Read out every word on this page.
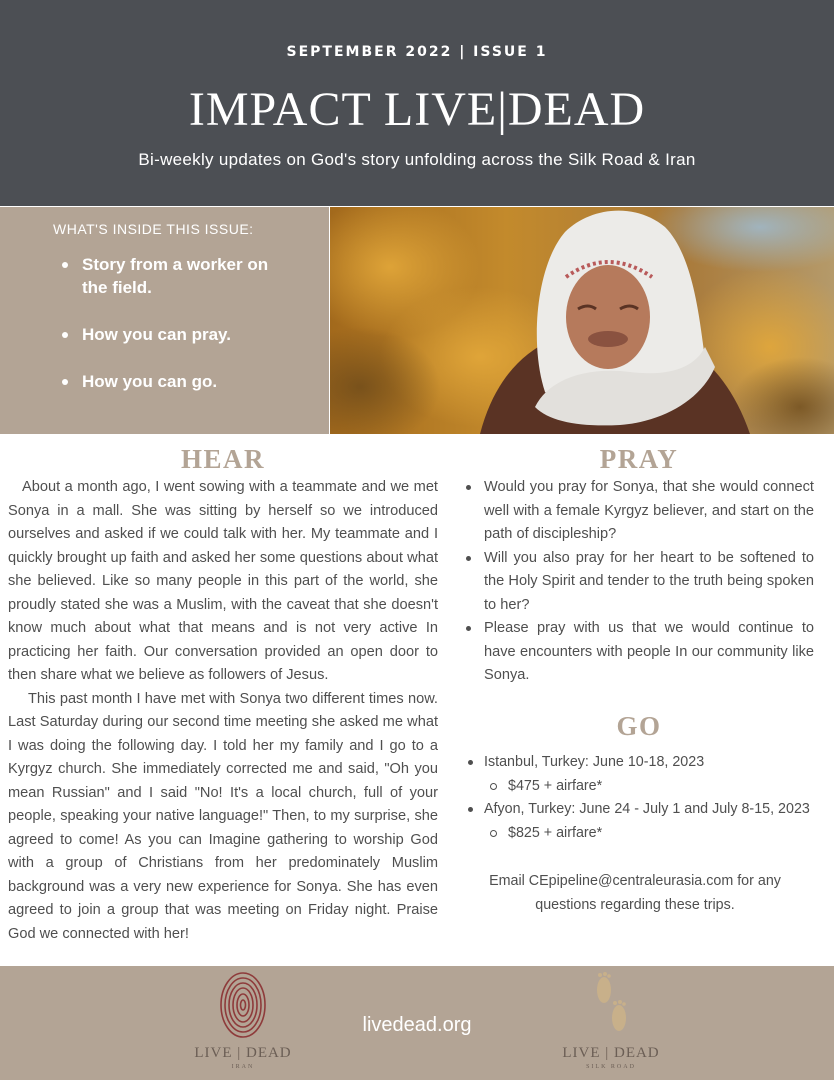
SEPTEMBER 2022 | ISSUE 1
IMPACT LIVE|DEAD
Bi-weekly updates on God's story unfolding across the Silk Road & Iran
WHAT'S INSIDE THIS ISSUE:
Story from a worker on the field.
How you can pray.
How you can go.
HEAR

About a month ago, I went sowing with a teammate and we met Sonya in a mall. She was sitting by herself so we introduced ourselves and asked if we could talk with her. My teammate and I quickly brought up faith and asked her some questions about what she believed. Like so many people in this part of the world, she proudly stated she was a Muslim, with the caveat that she doesn't know much about what that means and is not very active In practicing her faith. Our conversation provided an open door to then share what we believe as followers of Jesus.

This past month I have met with Sonya two different times now. Last Saturday during our second time meeting she asked me what I was doing the following day. I told her my family and I go to a Kyrgyz church. She immediately corrected me and said, "Oh you mean Russian" and I said "No! It's a local church, full of your people, speaking your native language!" Then, to my surprise, she agreed to come! As you can Imagine gathering to worship God with a group of Christians from her predominately Muslim background was a very new experience for Sonya. She has even agreed to join a group that was meeting on Friday night. Praise God we connected with her!

PRAY
Would you pray for Sonya, that she would connect well with a female Kyrgyz believer, and start on the path of discipleship?
Will you also pray for her heart to be softened to the Holy Spirit and tender to the truth being spoken to her?
Please pray with us that we would continue to have encounters with people In our community like Sonya.
GO
Istanbul, Turkey: June 10-18, 2023
$475 + airfare*
Afyon, Turkey: June 24 - July 1 and July 8-15, 2023
$825 + airfare*
Email CEpipeline@centraleurasia.com for any questions regarding these trips.
LIVE | DEAD
IRAN
livedead.org
LIVE | DEAD
SILK ROAD
